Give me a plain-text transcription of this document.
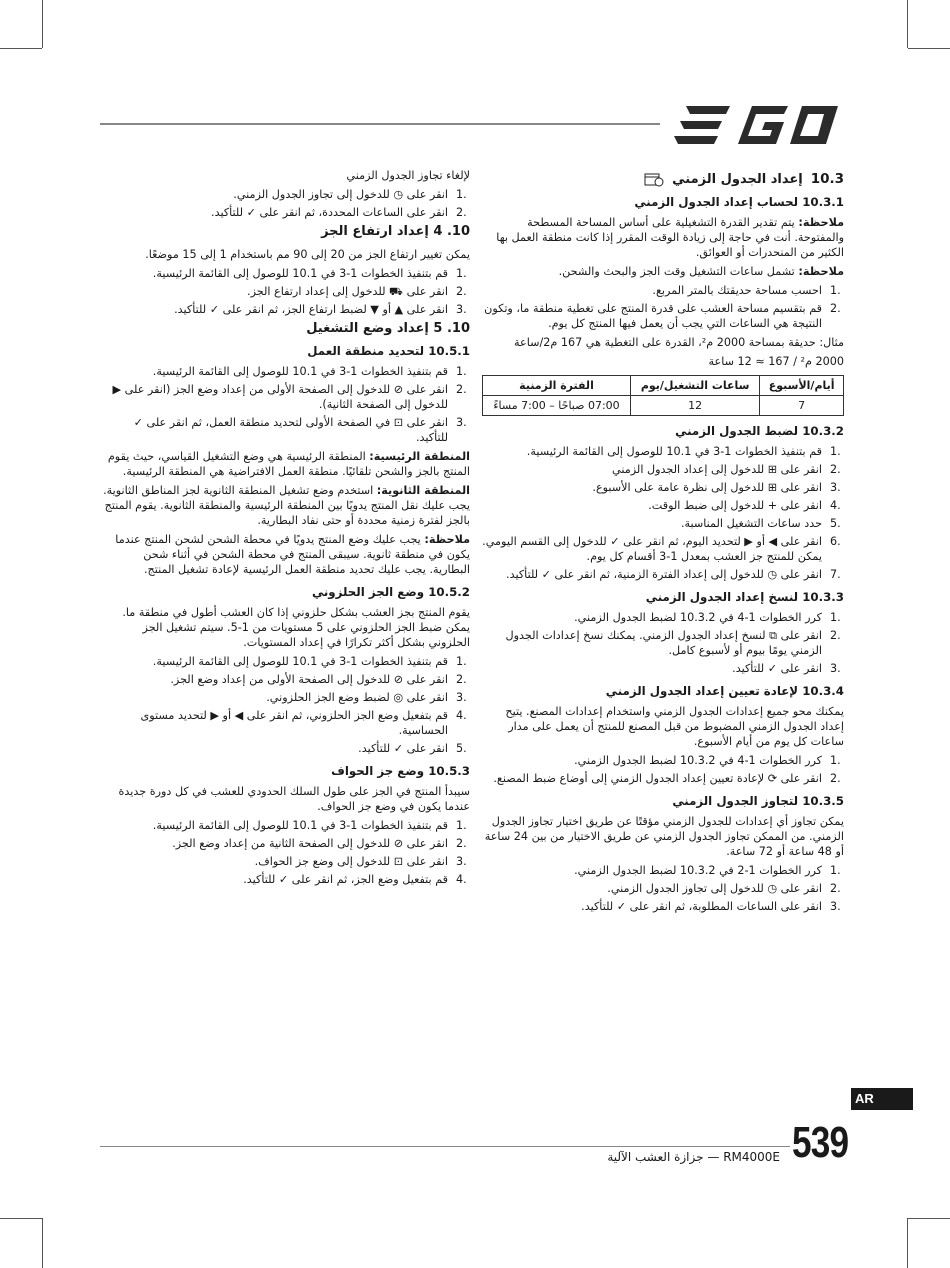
10.3
إعداد الجدول الزمني
10.3.1 لحساب إعداد الجدول الزمني

ملاحظة: يتم تقدير القدرة التشغيلية على أساس المساحة المسطحة والمفتوحة. أنت في حاجة إلى زيادة الوقت المقرر إذا كانت منطقة العمل بها الكثير من المنحدرات أو العوائق.

ملاحظة: تشمل ساعات التشغيل وقت الجز والبحث والشحن.

.1
احسب مساحة حديقتك بالمتر المربع.
.2
قم بتقسيم مساحة العشب على قدرة المنتج على تغطية منطقة ما، وتكون النتيجة هي الساعات التي يجب أن يعمل فيها المنتج كل يوم.

مثال: حديقة بمساحة 2000 م²، القدرة على التغطية هي 167 م2/ساعة

2000 م² / 167 ≈ 12 ساعة

أيام/الأسبوع	ساعات التشغيل/يوم	الفترة الزمنية
7	12	07:00 صباحًا – 7:00 مساءً
10.3.2 لضبط الجدول الزمني
.1
قم بتنفيذ الخطوات 1-3 في 10.1 للوصول إلى القائمة الرئيسية.
.2
انقر على ⊞ للدخول إلى إعداد الجدول الزمني
.3
انقر على ⊞ للدخول إلى نظرة عامة على الأسبوع.
.4
انقر على + للدخول إلى ضبط الوقت.
.5
حدد ساعات التشغيل المناسبة.
.6
انقر على ◀ أو ▶ لتحديد اليوم، ثم انقر على ✓ للدخول إلى القسم اليومي. يمكن للمنتج جز العشب بمعدل 1-3 أقسام كل يوم.
.7
انقر على ◷ للدخول إلى إعداد الفترة الزمنية، ثم انقر على ✓ للتأكيد.
10.3.3 لنسخ إعداد الجدول الزمني
.1
كرر الخطوات 1-4 في 10.3.2 لضبط الجدول الزمني.
.2
انقر على ⧉ لنسخ إعداد الجدول الزمني. يمكنك نسخ إعدادات الجدول الزمني يومًا بيوم أو لأسبوع كامل.
.3
انقر على ✓ للتأكيد.
10.3.4 لإعادة تعيين إعداد الجدول الزمني

يمكنك محو جميع إعدادات الجدول الزمني واستخدام إعدادات المصنع. يتيح إعداد الجدول الزمني المضبوط من قبل المصنع للمنتج أن يعمل على مدار ساعات كل يوم من أيام الأسبوع.

.1
كرر الخطوات 1-4 في 10.3.2 لضبط الجدول الزمني.
.2
انقر على ⟳ لإعادة تعيين إعداد الجدول الزمني إلى أوضاع ضبط المصنع.
10.3.5 لتجاوز الجدول الزمني

يمكن تجاوز أي إعدادات للجدول الزمني مؤقتًا عن طريق اختيار تجاوز الجدول الزمني. من الممكن تجاوز الجدول الزمني عن طريق الاختيار من بين 24 ساعة أو 48 ساعة أو 72 ساعة.

.1
كرر الخطوات 1-2 في 10.3.2 لضبط الجدول الزمني.
.2
انقر على ◷ للدخول إلى تجاوز الجدول الزمني.
.3
انقر على الساعات المطلوبة، ثم انقر على ✓ للتأكيد.

لإلغاء تجاوز الجدول الزمني

.1
انقر على ◷ للدخول إلى تجاوز الجدول الزمني.
.2
انقر على الساعات المحددة، ثم انقر على ✓ للتأكيد.
10. 4 إعداد ارتفاع الجز

يمكن تغيير ارتفاع الجز من 20 إلى 90 مم باستخدام 1 إلى 15 موضعًا.

.1
قم بتنفيذ الخطوات 1-3 في 10.1 للوصول إلى القائمة الرئيسية.
.2
انقر على ⛟ للدخول إلى إعداد ارتفاع الجز.
.3
انقر على ▲ أو ▼ لضبط ارتفاع الجز، ثم انقر على ✓ للتأكيد.
10. 5 إعداد وضع التشغيل
10.5.1 لتحديد منطقة العمل
.1
قم بتنفيذ الخطوات 1-3 في 10.1 للوصول إلى القائمة الرئيسية.
.2
انقر على ⊘ للدخول إلى الصفحة الأولى من إعداد وضع الجز (انقر على ▶ للدخول إلى الصفحة الثانية).
.3
انقر على ⊡ في الصفحة الأولى لتحديد منطقة العمل، ثم انقر على ✓ للتأكيد.

المنطقة الرئيسية: المنطقة الرئيسية هي وضع التشغيل القياسي، حيث يقوم المنتج بالجز والشحن تلقائيًا. منطقة العمل الافتراضية هي المنطقة الرئيسية.

المنطقة الثانوية: استخدم وضع تشغيل المنطقة الثانوية لجز المناطق الثانوية. يجب عليك نقل المنتج يدويًا بين المنطقة الرئيسية والمنطقة الثانوية. يقوم المنتج بالجز لفترة زمنية محددة أو حتى نفاد البطارية.

ملاحظة: يجب عليك وضع المنتج يدويًا في محطة الشحن لشحن المنتج عندما يكون في منطقة ثانوية. سيبقى المنتج في محطة الشحن في أثناء شحن البطارية. يجب عليك تحديد منطقة العمل الرئيسية لإعادة تشغيل المنتج.

10.5.2 وضع الجز الحلزوني

يقوم المنتج بجز العشب بشكل حلزوني إذا كان العشب أطول في منطقة ما. يمكن ضبط الجز الحلزوني على 5 مستويات من 1-5. سيتم تشغيل الجز الحلزوني بشكل أكثر تكرارًا في إعداد المستويات.

.1
قم بتنفيذ الخطوات 1-3 في 10.1 للوصول إلى القائمة الرئيسية.
.2
انقر على ⊘ للدخول إلى الصفحة الأولى من إعداد وضع الجز.
.3
انقر على ◎ لضبط وضع الجز الحلزوني.
.4
قم بتفعيل وضع الجز الحلزوني، ثم انقر على ◀ أو ▶ لتحديد مستوى الحساسية.
.5
انقر على ✓ للتأكيد.
10.5.3 وضع جز الحواف

سيبدأ المنتج في الجز على طول السلك الحدودي للعشب في كل دورة جديدة عندما يكون في وضع جز الحواف.

.1
قم بتنفيذ الخطوات 1-3 في 10.1 للوصول إلى القائمة الرئيسية.
.2
انقر على ⊘ للدخول إلى الصفحة الثانية من إعداد وضع الجز.
.3
انقر على ⊡ للدخول إلى وضع جز الحواف.
.4
قم بتفعيل وضع الجز، ثم انقر على ✓ للتأكيد.
AR
539
RM4000E — جزازة العشب الآلية
